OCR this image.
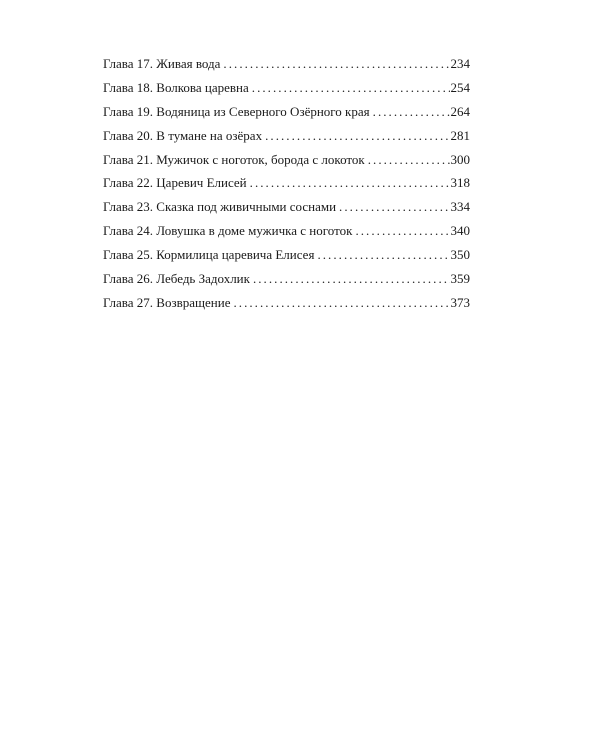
Глава 17. Живая вода . . .	234
Глава 18. Волкова царевна . . .	254
Глава 19. Водяница из Северного Озёрного края . . .	264
Глава 20. В тумане на озёрах . . .	281
Глава 21. Мужичок с ноготок, борода с локоток . . .	300
Глава 22. Царевич Елисей . . .	318
Глава 23. Сказка под живичными соснами . . .	334
Глава 24. Ловушка в доме мужичка с ноготок . . .	340
Глава 25. Кормилица царевича Елисея . . .	350
Глава 26. Лебедь Задохлик . . .	359
Глава 27. Возвращение . . .	373
